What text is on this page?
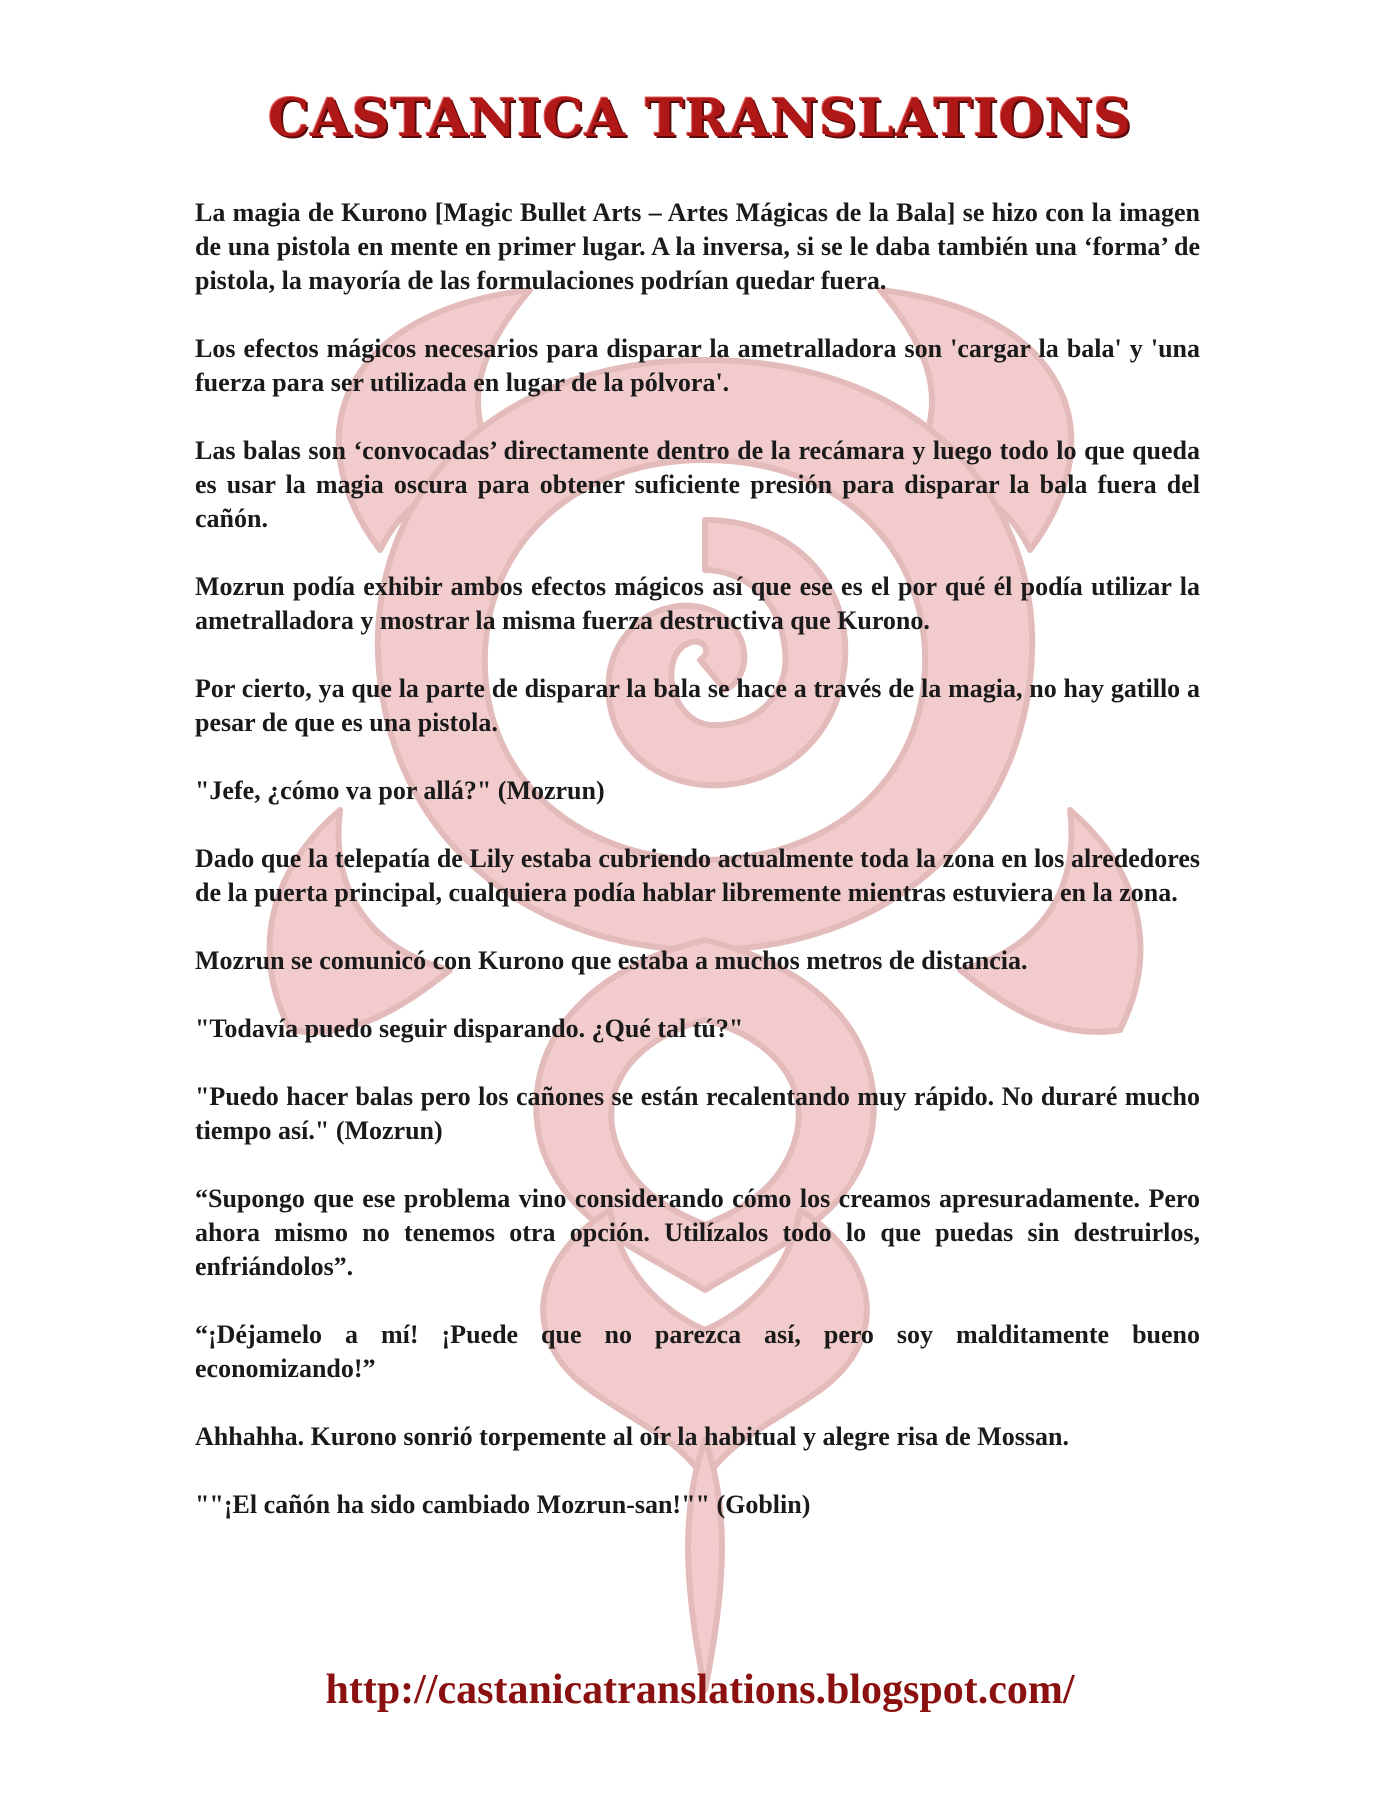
CASTANICA TRANSLATIONS

La magia de Kurono [Magic Bullet Arts – Artes Mágicas de la Bala] se hizo con la imagen de una pistola en mente en primer lugar. A la inversa, si se le daba también una ‘forma’ de pistola, la mayoría de las formulaciones podrían quedar fuera.

Los efectos mágicos necesarios para disparar la ametralladora son 'cargar la bala' y 'una fuerza para ser utilizada en lugar de la pólvora'.

Las balas son ‘convocadas’ directamente dentro de la recámara y luego todo lo que queda es usar la magia oscura para obtener suficiente presión para disparar la bala fuera del cañón.

Mozrun podía exhibir ambos efectos mágicos así que ese es el por qué él podía utilizar la ametralladora y mostrar la misma fuerza destructiva que Kurono.

Por cierto, ya que la parte de disparar la bala se hace a través de la magia, no hay gatillo a pesar de que es una pistola.

"Jefe, ¿cómo va por allá?" (Mozrun)

Dado que la telepatía de Lily estaba cubriendo actualmente toda la zona en los alrededores de la puerta principal, cualquiera podía hablar libremente mientras estuviera en la zona.

Mozrun se comunicó con Kurono que estaba a muchos metros de distancia.

"Todavía puedo seguir disparando. ¿Qué tal tú?"

"Puedo hacer balas pero los cañones se están recalentando muy rápido. No duraré mucho tiempo así." (Mozrun)

“Supongo que ese problema vino considerando cómo los creamos apresuradamente. Pero ahora mismo no tenemos otra opción. Utilízalos todo lo que puedas sin destruirlos, enfriándolos”.

“¡Déjamelo a mí! ¡Puede que no parezca así, pero soy malditamente bueno economizando!”

Ahhahha. Kurono sonrió torpemente al oír la habitual y alegre risa de Mossan.

""¡El cañón ha sido cambiado Mozrun-san!"" (Goblin)

http://castanicatranslations.blogspot.com/
